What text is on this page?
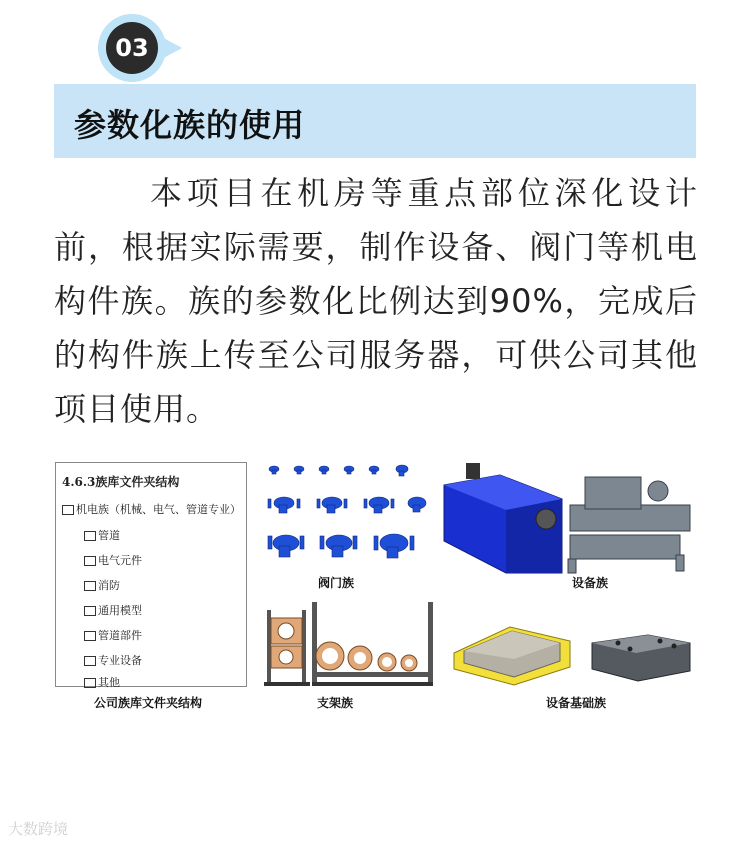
03
参数化族的使用
本项目在机房等重点部位深化设计前，根据实际需要，制作设备、阀门等机电构件族。族的参数化比例达到90%，完成后的构件族上传至公司服务器，可供公司其他项目使用。
4.6.3族库文件夹结构
机电族（机械、电气、管道专业）
管道
电气元件
消防
通用模型
管道部件
专业设备
其他
公司族库文件夹结构
阀门族	设备族
支架族	设备基础族
大数跨境
